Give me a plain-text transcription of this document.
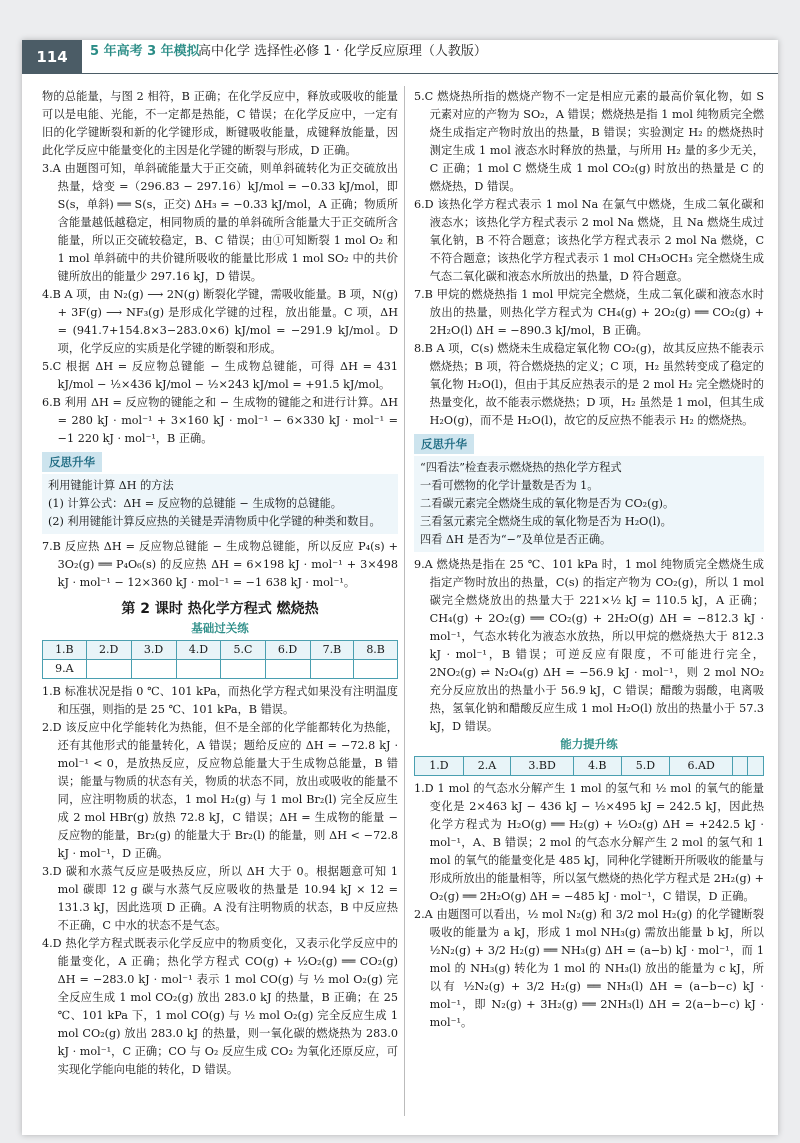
114	5 年高考 3 年模拟
高中化学 选择性必修 1 · 化学反应原理（人教版）

物的总能量，与图 2 相符，B 正确；在化学反应中，释放或吸收的能量可以是电能、光能，不一定都是热能，C 错误；在化学反应中，一定有旧的化学键断裂和新的化学键形成，断键吸收能量，成键释放能量，因此化学反应中能量变化的主因是化学键的断裂与形成，D 正确。

3.A 由题图可知，单斜硫能量大于正交硫，则单斜硫转化为正交硫放出热量，焓变 =（296.83 − 297.16）kJ/mol = −0.33 kJ/mol，即 S(s，单斜) ══ S(s，正交) ΔH₃ = −0.33 kJ/mol，A 正确；物质所含能量越低越稳定，相同物质的量的单斜硫所含能量大于正交硫所含能量，所以正交硫较稳定，B、C 错误；由①可知断裂 1 mol O₂ 和 1 mol 单斜硫中的共价键所吸收的能量比形成 1 mol SO₂ 中的共价键所放出的能量少 297.16 kJ，D 错误。

4.B A 项，由 N₂(g) ⟶ 2N(g) 断裂化学键，需吸收能量。B 项，N(g) + 3F(g) ⟶ NF₃(g) 是形成化学键的过程，放出能量。C 项，ΔH = (941.7+154.8×3−283.0×6) kJ/mol = −291.9 kJ/mol。D 项，化学反应的实质是化学键的断裂和形成。

5.C 根据 ΔH = 反应物总键能 − 生成物总键能，可得 ΔH = 431 kJ/mol − ½×436 kJ/mol − ½×243 kJ/mol = +91.5 kJ/mol。

6.B 利用 ΔH = 反应物的键能之和 − 生成物的键能之和进行计算。ΔH = 280 kJ · mol⁻¹ + 3×160 kJ · mol⁻¹ − 6×330 kJ · mol⁻¹ = −1 220 kJ · mol⁻¹，B 正确。

反思升华

利用键能计算 ΔH 的方法

(1) 计算公式：ΔH = 反应物的总键能 − 生成物的总键能。

(2) 利用键能计算反应热的关键是弄清物质中化学键的种类和数目。

7.B 反应热 ΔH = 反应物总键能 − 生成物总键能，所以反应 P₄(s) + 3O₂(g) ══ P₄O₆(s) 的反应热 ΔH = 6×198 kJ · mol⁻¹ + 3×498 kJ · mol⁻¹ − 12×360 kJ · mol⁻¹ = −1 638 kJ · mol⁻¹。

第 2 课时 热化学方程式 燃烧热
基础过关练
1.B	2.D	3.D	4.D	5.C	6.D	7.B	8.B
9.A							

1.B 标准状况是指 0 ℃、101 kPa，而热化学方程式如果没有注明温度和压强，则指的是 25 ℃、101 kPa，B 错误。

2.D 该反应中化学能转化为热能，但不是全部的化学能都转化为热能，还有其他形式的能量转化，A 错误；题给反应的 ΔH = −72.8 kJ · mol⁻¹ < 0，是放热反应，反应物总能量大于生成物总能量，B 错误；能量与物质的状态有关，物质的状态不同，放出或吸收的能量不同，应注明物质的状态，1 mol H₂(g) 与 1 mol Br₂(l) 完全反应生成 2 mol HBr(g) 放热 72.8 kJ，C 错误；ΔH = 生成物的能量 − 反应物的能量，Br₂(g) 的能量大于 Br₂(l) 的能量，则 ΔH < −72.8 kJ · mol⁻¹，D 正确。

3.D 碳和水蒸气反应是吸热反应，所以 ΔH 大于 0。根据题意可知 1 mol 碳即 12 g 碳与水蒸气反应吸收的热量是 10.94 kJ × 12 = 131.3 kJ，因此选项 D 正确。A 没有注明物质的状态，B 中反应热不正确，C 中水的状态不是气态。

4.D 热化学方程式既表示化学反应中的物质变化，又表示化学反应中的能量变化，A 正确；热化学方程式 CO(g) + ½O₂(g) ══ CO₂(g) ΔH = −283.0 kJ · mol⁻¹ 表示 1 mol CO(g) 与 ½ mol O₂(g) 完全反应生成 1 mol CO₂(g) 放出 283.0 kJ 的热量，B 正确；在 25 ℃、101 kPa 下，1 mol CO(g) 与 ½ mol O₂(g) 完全反应生成 1 mol CO₂(g) 放出 283.0 kJ 的热量，则一氧化碳的燃烧热为 283.0 kJ · mol⁻¹，C 正确；CO 与 O₂ 反应生成 CO₂ 为氧化还原反应，可实现化学能向电能的转化，D 错误。

5.C 燃烧热所指的燃烧产物不一定是相应元素的最高价氧化物，如 S 元素对应的产物为 SO₂，A 错误；燃烧热是指 1 mol 纯物质完全燃烧生成指定产物时放出的热量，B 错误；实验测定 H₂ 的燃烧热时测定生成 1 mol 液态水时释放的热量，与所用 H₂ 量的多少无关，C 正确；1 mol C 燃烧生成 1 mol CO₂(g) 时放出的热量是 C 的燃烧热，D 错误。

6.D 该热化学方程式表示 1 mol Na 在氯气中燃烧，生成二氧化碳和液态水；该热化学方程式表示 2 mol Na 燃烧，且 Na 燃烧生成过氧化钠，B 不符合题意；该热化学方程式表示 2 mol Na 燃烧，C 不符合题意；该热化学方程式表示 1 mol CH₃OCH₃ 完全燃烧生成气态二氧化碳和液态水所放出的热量，D 符合题意。

7.B 甲烷的燃烧热指 1 mol 甲烷完全燃烧，生成二氧化碳和液态水时放出的热量，则热化学方程式为 CH₄(g) + 2O₂(g) ══ CO₂(g) + 2H₂O(l) ΔH = −890.3 kJ/mol，B 正确。

8.B A 项，C(s) 燃烧未生成稳定氧化物 CO₂(g)，故其反应热不能表示燃烧热；B 项，符合燃烧热的定义；C 项，H₂ 虽然转变成了稳定的氧化物 H₂O(l)，但由于其反应热表示的是 2 mol H₂ 完全燃烧时的热量变化，故不能表示燃烧热；D 项，H₂ 虽然是 1 mol，但其生成 H₂O(g)，而不是 H₂O(l)，故它的反应热不能表示 H₂ 的燃烧热。

反思升华

“四看法”检查表示燃烧热的热化学方程式

一看可燃物的化学计量数是否为 1。

二看碳元素完全燃烧生成的氧化物是否为 CO₂(g)。

三看氢元素完全燃烧生成的氧化物是否为 H₂O(l)。

四看 ΔH 是否为“−”及单位是否正确。

9.A 燃烧热是指在 25 ℃、101 kPa 时，1 mol 纯物质完全燃烧生成指定产物时放出的热量，C(s) 的指定产物为 CO₂(g)，所以 1 mol 碳完全燃烧放出的热量大于 221×½ kJ = 110.5 kJ，A 正确；CH₄(g) + 2O₂(g) ══ CO₂(g) + 2H₂O(g) ΔH = −812.3 kJ · mol⁻¹，气态水转化为液态水放热，所以甲烷的燃烧热大于 812.3 kJ · mol⁻¹，B 错误；可逆反应有限度，不可能进行完全，2NO₂(g) ⇌ N₂O₄(g) ΔH = −56.9 kJ · mol⁻¹，则 2 mol NO₂ 充分反应放出的热量小于 56.9 kJ，C 错误；醋酸为弱酸，电离吸热，氢氧化钠和醋酸反应生成 1 mol H₂O(l) 放出的热量小于 57.3 kJ，D 错误。

能力提升练
1.D	2.A	3.BD	4.B	5.D	6.AD		

1.D 1 mol 的气态水分解产生 1 mol 的氢气和 ½ mol 的氧气的能量变化是 2×463 kJ − 436 kJ − ½×495 kJ = 242.5 kJ，因此热化学方程式为 H₂O(g) ══ H₂(g) + ½O₂(g) ΔH = +242.5 kJ · mol⁻¹，A、B 错误；2 mol 的气态水分解产生 2 mol 的氢气和 1 mol 的氧气的能量变化是 485 kJ，同种化学键断开所吸收的能量与形成所放出的能量相等，所以氢气燃烧的热化学方程式是 2H₂(g) + O₂(g) ══ 2H₂O(g) ΔH = −485 kJ · mol⁻¹，C 错误，D 正确。

2.A 由题图可以看出，½ mol N₂(g) 和 3/2 mol H₂(g) 的化学键断裂吸收的能量为 a kJ，形成 1 mol NH₃(g) 需放出能量 b kJ，所以 ½N₂(g) + 3/2 H₂(g) ══ NH₃(g) ΔH = (a−b) kJ · mol⁻¹，而 1 mol 的 NH₃(g) 转化为 1 mol 的 NH₃(l) 放出的能量为 c kJ，所以有 ½N₂(g) + 3/2 H₂(g) ══ NH₃(l) ΔH = (a−b−c) kJ · mol⁻¹，即 N₂(g) + 3H₂(g) ══ 2NH₃(l) ΔH = 2(a−b−c) kJ · mol⁻¹。
